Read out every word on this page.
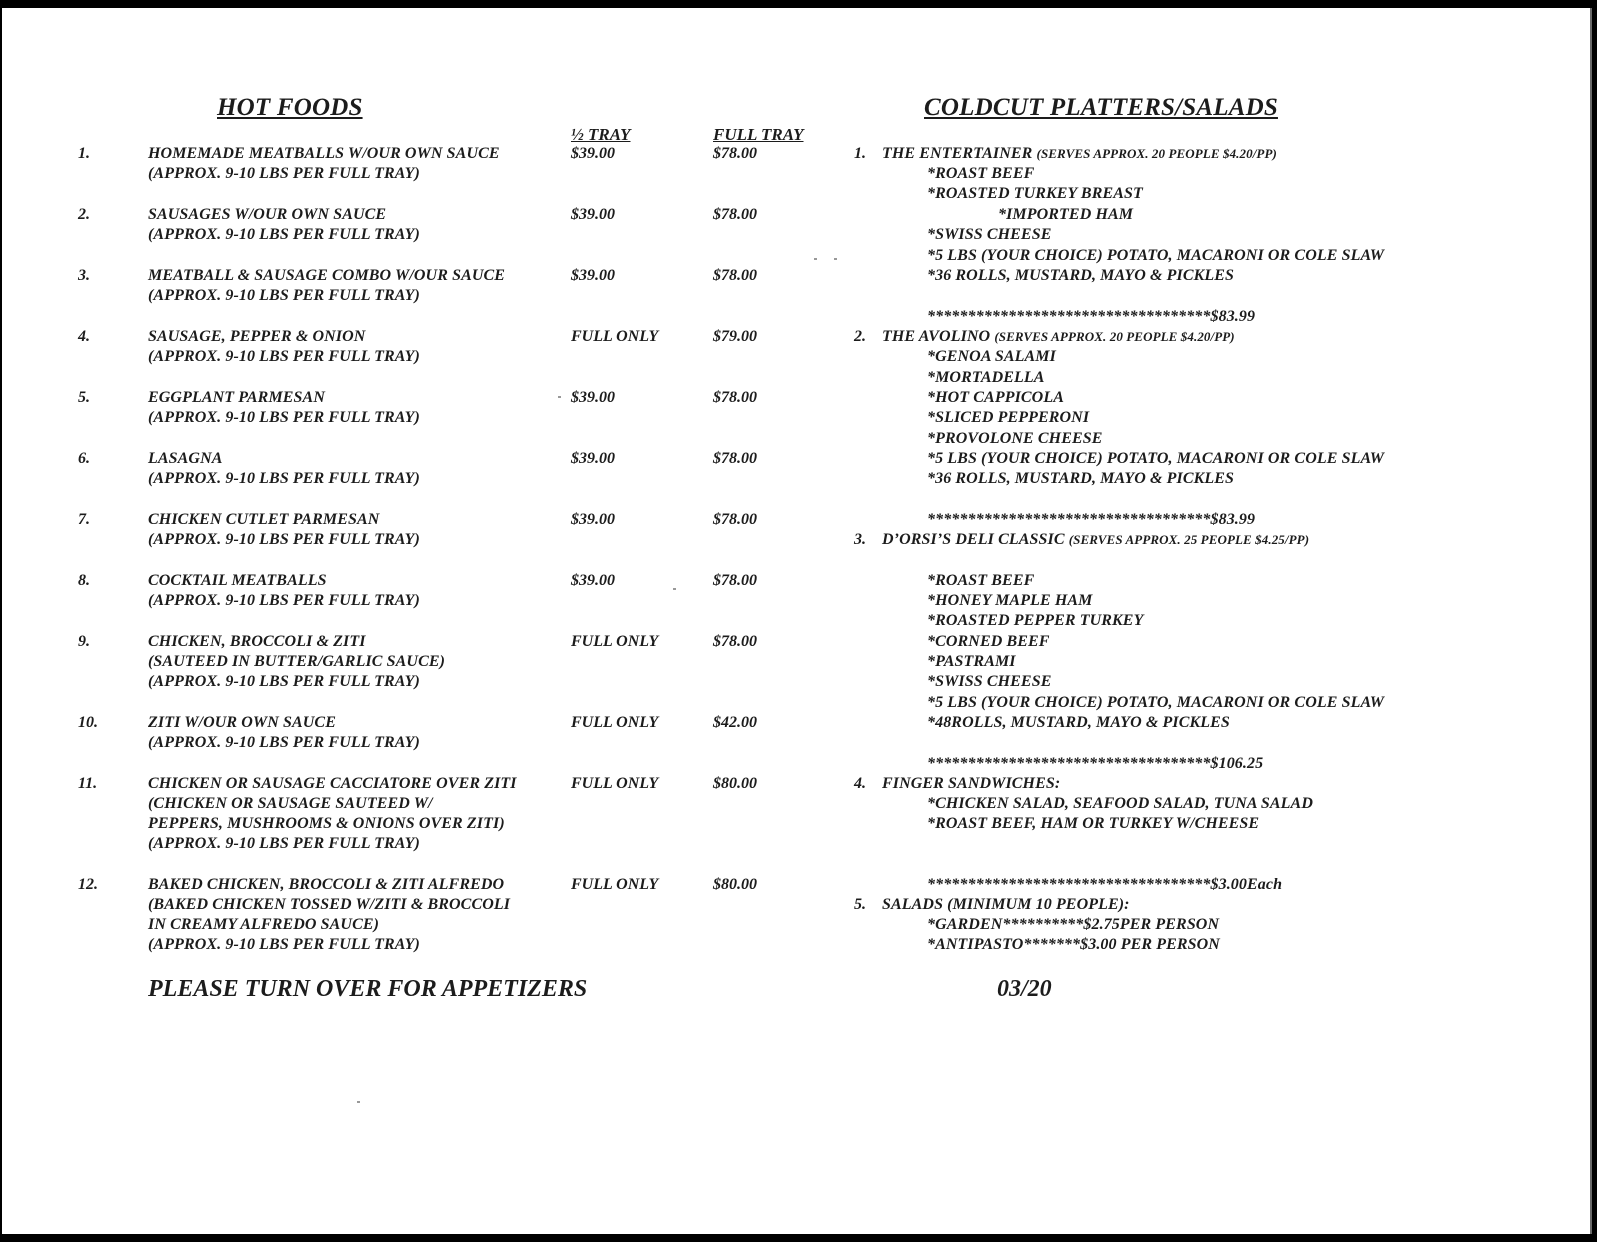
HOT FOODS
½ TRAY	FULL TRAY
1.	HOMEMADE MEATBALLS W/OUR OWN SAUCE
(APPROX. 9-10 LBS PER FULL TRAY)
$39.00	$78.00
2.	SAUSAGES W/OUR OWN SAUCE
(APPROX. 9-10 LBS PER FULL TRAY)
$39.00	$78.00
3.	MEATBALL & SAUSAGE COMBO W/OUR SAUCE
(APPROX. 9-10 LBS PER FULL TRAY)
$39.00	$78.00
4.	SAUSAGE, PEPPER & ONION
(APPROX. 9-10 LBS PER FULL TRAY)
FULL ONLY	$79.00
5.	EGGPLANT PARMESAN
(APPROX. 9-10 LBS PER FULL TRAY)
$39.00	$78.00
6.	LASAGNA
(APPROX. 9-10 LBS PER FULL TRAY)
$39.00	$78.00
7.	CHICKEN CUTLET PARMESAN
(APPROX. 9-10 LBS PER FULL TRAY)
$39.00	$78.00
8.	COCKTAIL MEATBALLS
(APPROX. 9-10 LBS PER FULL TRAY)
$39.00	$78.00
9.	CHICKEN, BROCCOLI & ZITI
(SAUTEED IN BUTTER/GARLIC SAUCE)
(APPROX. 9-10 LBS PER FULL TRAY)
FULL ONLY	$78.00
10.	ZITI W/OUR OWN SAUCE
(APPROX. 9-10 LBS PER FULL TRAY)
FULL ONLY	$42.00
11.	CHICKEN OR SAUSAGE CACCIATORE OVER ZITI
(CHICKEN OR SAUSAGE SAUTEED W/
PEPPERS, MUSHROOMS & ONIONS OVER ZITI)
(APPROX. 9-10 LBS PER FULL TRAY)
FULL ONLY	$80.00
12.	BAKED CHICKEN, BROCCOLI & ZITI ALFREDO
(BAKED CHICKEN TOSSED W/ZITI & BROCCOLI
IN CREAMY ALFREDO SAUCE)
(APPROX. 9-10 LBS PER FULL TRAY)
FULL ONLY	$80.00
PLEASE TURN OVER FOR APPETIZERS
COLDCUT PLATTERS/SALADS
1. THE ENTERTAINER (SERVES APPROX. 20 PEOPLE $4.20/PP)
*ROAST BEEF
*ROASTED TURKEY BREAST
*IMPORTED HAM
*SWISS CHEESE
*5 LBS (YOUR CHOICE) POTATO, MACARONI OR COLE SLAW
*36 ROLLS, MUSTARD, MAYO & PICKLES
***********************************$83.99
2. THE AVOLINO (SERVES APPROX. 20 PEOPLE $4.20/PP)
*GENOA SALAMI
*MORTADELLA
*HOT CAPPICOLA
*SLICED PEPPERONI
*PROVOLONE CHEESE
*5 LBS (YOUR CHOICE) POTATO, MACARONI OR COLE SLAW
*36 ROLLS, MUSTARD, MAYO & PICKLES
***********************************$83.99
3. D’ORSI’S DELI CLASSIC (SERVES APPROX. 25 PEOPLE $4.25/PP)
*ROAST BEEF
*HONEY MAPLE HAM
*ROASTED PEPPER TURKEY
*CORNED BEEF
*PASTRAMI
*SWISS CHEESE
*5 LBS (YOUR CHOICE) POTATO, MACARONI OR COLE SLAW
*48ROLLS, MUSTARD, MAYO & PICKLES
***********************************$106.25
4. FINGER SANDWICHES:
*CHICKEN SALAD, SEAFOOD SALAD, TUNA SALAD
*ROAST BEEF, HAM OR TURKEY W/CHEESE
***********************************$3.00Each
5. SALADS (MINIMUM 10 PEOPLE):
*GARDEN**********$2.75PER PERSON
*ANTIPASTO*******$3.00 PER PERSON
03/20
